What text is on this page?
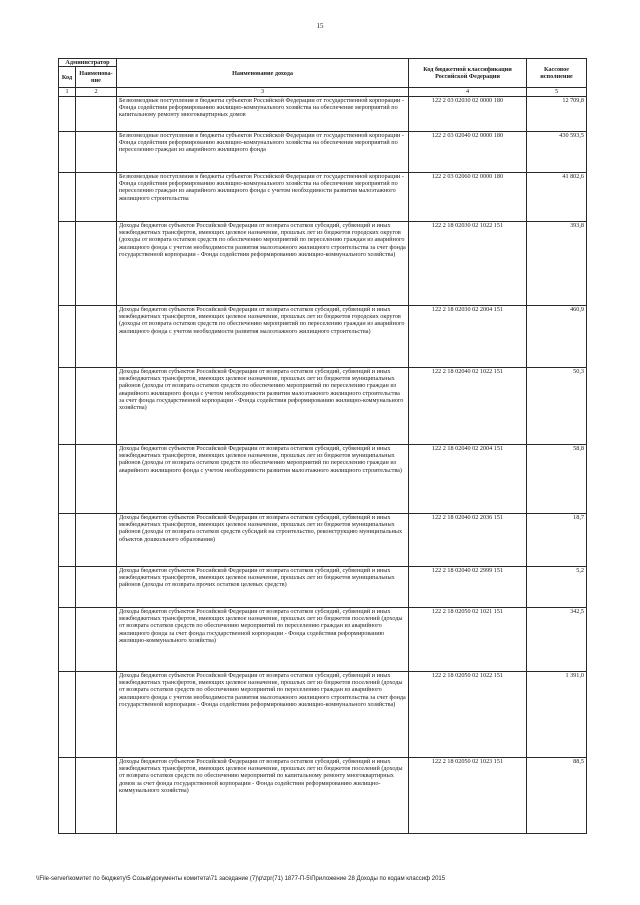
15
Администратор		Наименование дохода	Код бюджетной классификации Российской Федерации	Кассовое исполнение
Код	Наименова-ние			
1	2	3	4	5
		Безвозмездные поступления в бюджеты субъектов Российской Федерации от государственной корпорации - Фонда содействия реформированию жилищно-коммунального хозяйства на обеспечение мероприятий по капитальному ремонту многоквартирных домов	122 2 03 02030 02 0000 180	12 709,8
		Безвозмездные поступления в бюджеты субъектов Российской Федерации от государственной корпорации - Фонда содействия реформированию жилищно-коммунального хозяйства на обеспечение мероприятий по переселению граждан из аварийного жилищного фонда	122 2 03 02040 02 0000 180	430 593,5
		Безвозмездные поступления в бюджеты субъектов Российской Федерации от государственной корпорации - Фонда содействия реформированию жилищно-коммунального хозяйства на обеспечение мероприятий по переселению граждан из аварийного жилищного фонда с учетом необходимости развития малоэтажного жилищного строительства	122 2 03 02060 02 0000 180	41 802,6
		Доходы бюджетов субъектов Российской Федерации от возврата остатков субсидий, субвенций и иных межбюджетных трансфертов, имеющих целевое назначение, прошлых лет из бюджетов городских округов (доходы от возврата остатков средств по обеспечению мероприятий по переселению граждан из аварийного жилищного фонда с учетом необходимости развития малоэтажного жилищного строительства за счет фонда государственной корпорации - Фонда содействия реформированию жилищно-коммунального хозяйства)	122 2 18 02030 02 1022 151	393,8
		Доходы бюджетов субъектов Российской Федерации от возврата остатков субсидий, субвенций и иных межбюджетных трансфертов, имеющих целевое назначение, прошлых лет из бюджетов городских округов (доходы от возврата остатков средств по обеспечению мероприятий по переселению граждан из аварийного жилищного фонда с учетом необходимости развития малоэтажного жилищного строительства)	122 2 18 02030 02 2004 151	460,9
		Доходы бюджетов субъектов Российской Федерации от возврата остатков субсидий, субвенций и иных межбюджетных трансфертов, имеющих целевое назначение, прошлых лет из бюджетов муниципальных районов (доходы от возврата остатков средств по обеспечению мероприятий по переселению граждан из аварийного жилищного фонда с учетом необходимости развития малоэтажного жилищного строительства за счет фонда государственной корпорации - Фонда содействия реформированию жилищно-коммунального хозяйства)	122 2 18 02040 02 1022 151	50,3
		Доходы бюджетов субъектов Российской Федерации от возврата остатков субсидий, субвенций и иных межбюджетных трансфертов, имеющих целевое назначение, прошлых лет из бюджетов муниципальных районов (доходы от возврата остатков средств по обеспечению мероприятий по переселению граждан из аварийного жилищного фонда с учетом необходимости развития малоэтажного жилищного строительства)	122 2 18 02040 02 2004 151	58,8
		Доходы бюджетов субъектов Российской Федерации от возврата остатков субсидий, субвенций и иных межбюджетных трансфертов, имеющих целевое назначение, прошлых лет из бюджетов муниципальных районов (доходы от возврата остатков средств субсидий на строительство, реконструкцию муниципальных объектов дошкольного образования)	122 2 18 02040 02 2036 151	18,7
		Доходы бюджетов субъектов Российской Федерации от возврата остатков субсидий, субвенций и иных межбюджетных трансфертов, имеющих целевое назначение, прошлых лет из бюджетов муниципальных районов (доходы от возврата прочих остатков целевых средств)	122 2 18 02040 02 2999 151	5,2
		Доходы бюджетов субъектов Российской Федерации от возврата остатков субсидий, субвенций и иных межбюджетных трансфертов, имеющих целевое назначение, прошлых лет из бюджетов поселений (доходы от возврата остатков средств по обеспечению мероприятий по переселению граждан из аварийного жилищного фонда за счет фонда государственной корпорации - Фонда содействия реформированию жилищно-коммунального хозяйства)	122 2 18 02050 02 1021 151	342,5
		Доходы бюджетов субъектов Российской Федерации от возврата остатков субсидий, субвенций и иных межбюджетных трансфертов, имеющих целевое назначение, прошлых лет из бюджетов поселений (доходы от возврата остатков средств по обеспечению мероприятий по переселению граждан из аварийного жилищного фонда с учетом необходимости развития малоэтажного жилищного строительства за счет фонда государственной корпорации - Фонда содействия реформированию жилищно-коммунального хозяйства)	122 2 18 02050 02 1022 151	1 391,0
		Доходы бюджетов субъектов Российской Федерации от возврата остатков субсидий, субвенций и иных межбюджетных трансфертов, имеющих целевое назначение, прошлых лет из бюджетов поселений (доходы от возврата остатков средств по обеспечению мероприятий по капитальному ремонту многоквартирных домов за счет фонда государственной корпорации - Фонда содействия реформированию жилищно-коммунального хозяйства)	122 2 18 02050 02 1023 151	88,5
\\File-server\комитет по бюджету\5 Созыв\документы комитета\71 заседание (7)\p\zpr(71) 1877-П-5\Приложение 28 Доходы по кодам классиф 2015
